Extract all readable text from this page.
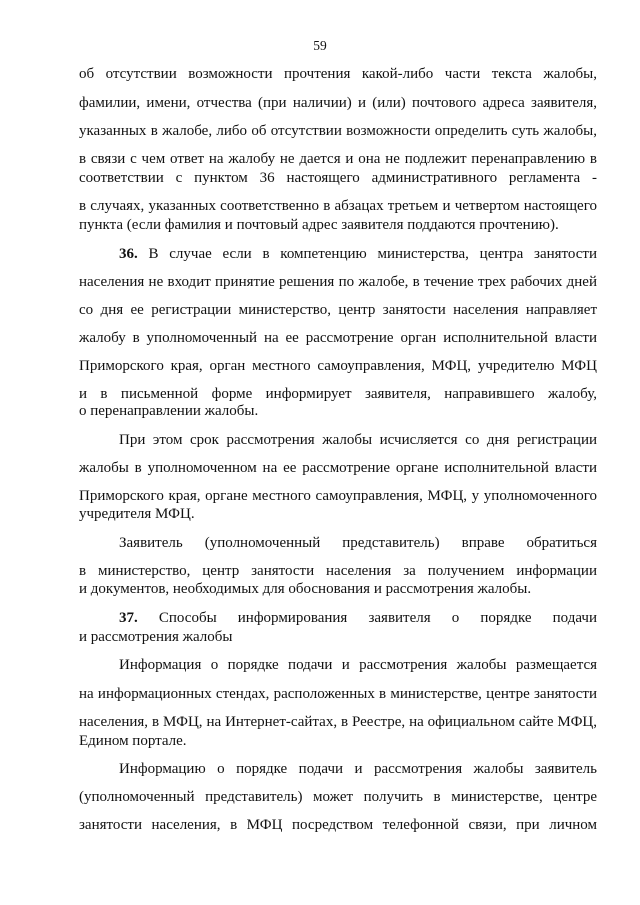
59
об отсутствии возможности прочтения какой-либо части текста жалобы,
фамилии, имени, отчества (при наличии) и (или) почтового адреса заявителя,
указанных в жалобе, либо об отсутствии возможности определить суть жалобы,
в связи с чем ответ на жалобу не дается и она не подлежит перенаправлению в
соответствии с пунктом 36 настоящего административного регламента -
в случаях, указанных соответственно в абзацах третьем и четвертом настоящего
пункта (если фамилия и почтовый адрес заявителя поддаются прочтению).
36. В случае если в компетенцию министерства, центра занятости
населения не входит принятие решения по жалобе, в течение трех рабочих дней
со дня ее регистрации министерство, центр занятости населения направляет
жалобу в уполномоченный на ее рассмотрение орган исполнительной власти
Приморского края, орган местного самоуправления, МФЦ, учредителю МФЦ
и в письменной форме информирует заявителя, направившего жалобу,
о перенаправлении жалобы.
При этом срок рассмотрения жалобы исчисляется со дня регистрации
жалобы в уполномоченном на ее рассмотрение органе исполнительной власти
Приморского края, органе местного самоуправления, МФЦ, у уполномоченного
учредителя МФЦ.
Заявитель (уполномоченный представитель) вправе обратиться
в министерство, центр занятости населения за получением информации
и документов, необходимых для обоснования и рассмотрения жалобы.
37. Способы информирования заявителя о порядке подачи
и рассмотрения жалобы
Информация о порядке подачи и рассмотрения жалобы размещается
на информационных стендах, расположенных в министерстве, центре занятости
населения, в МФЦ, на Интернет-сайтах, в Реестре, на официальном сайте МФЦ,
Едином портале.
Информацию о порядке подачи и рассмотрения жалобы заявитель
(уполномоченный представитель) может получить в министерстве, центре
занятости населения, в МФЦ посредством телефонной связи, при личном
